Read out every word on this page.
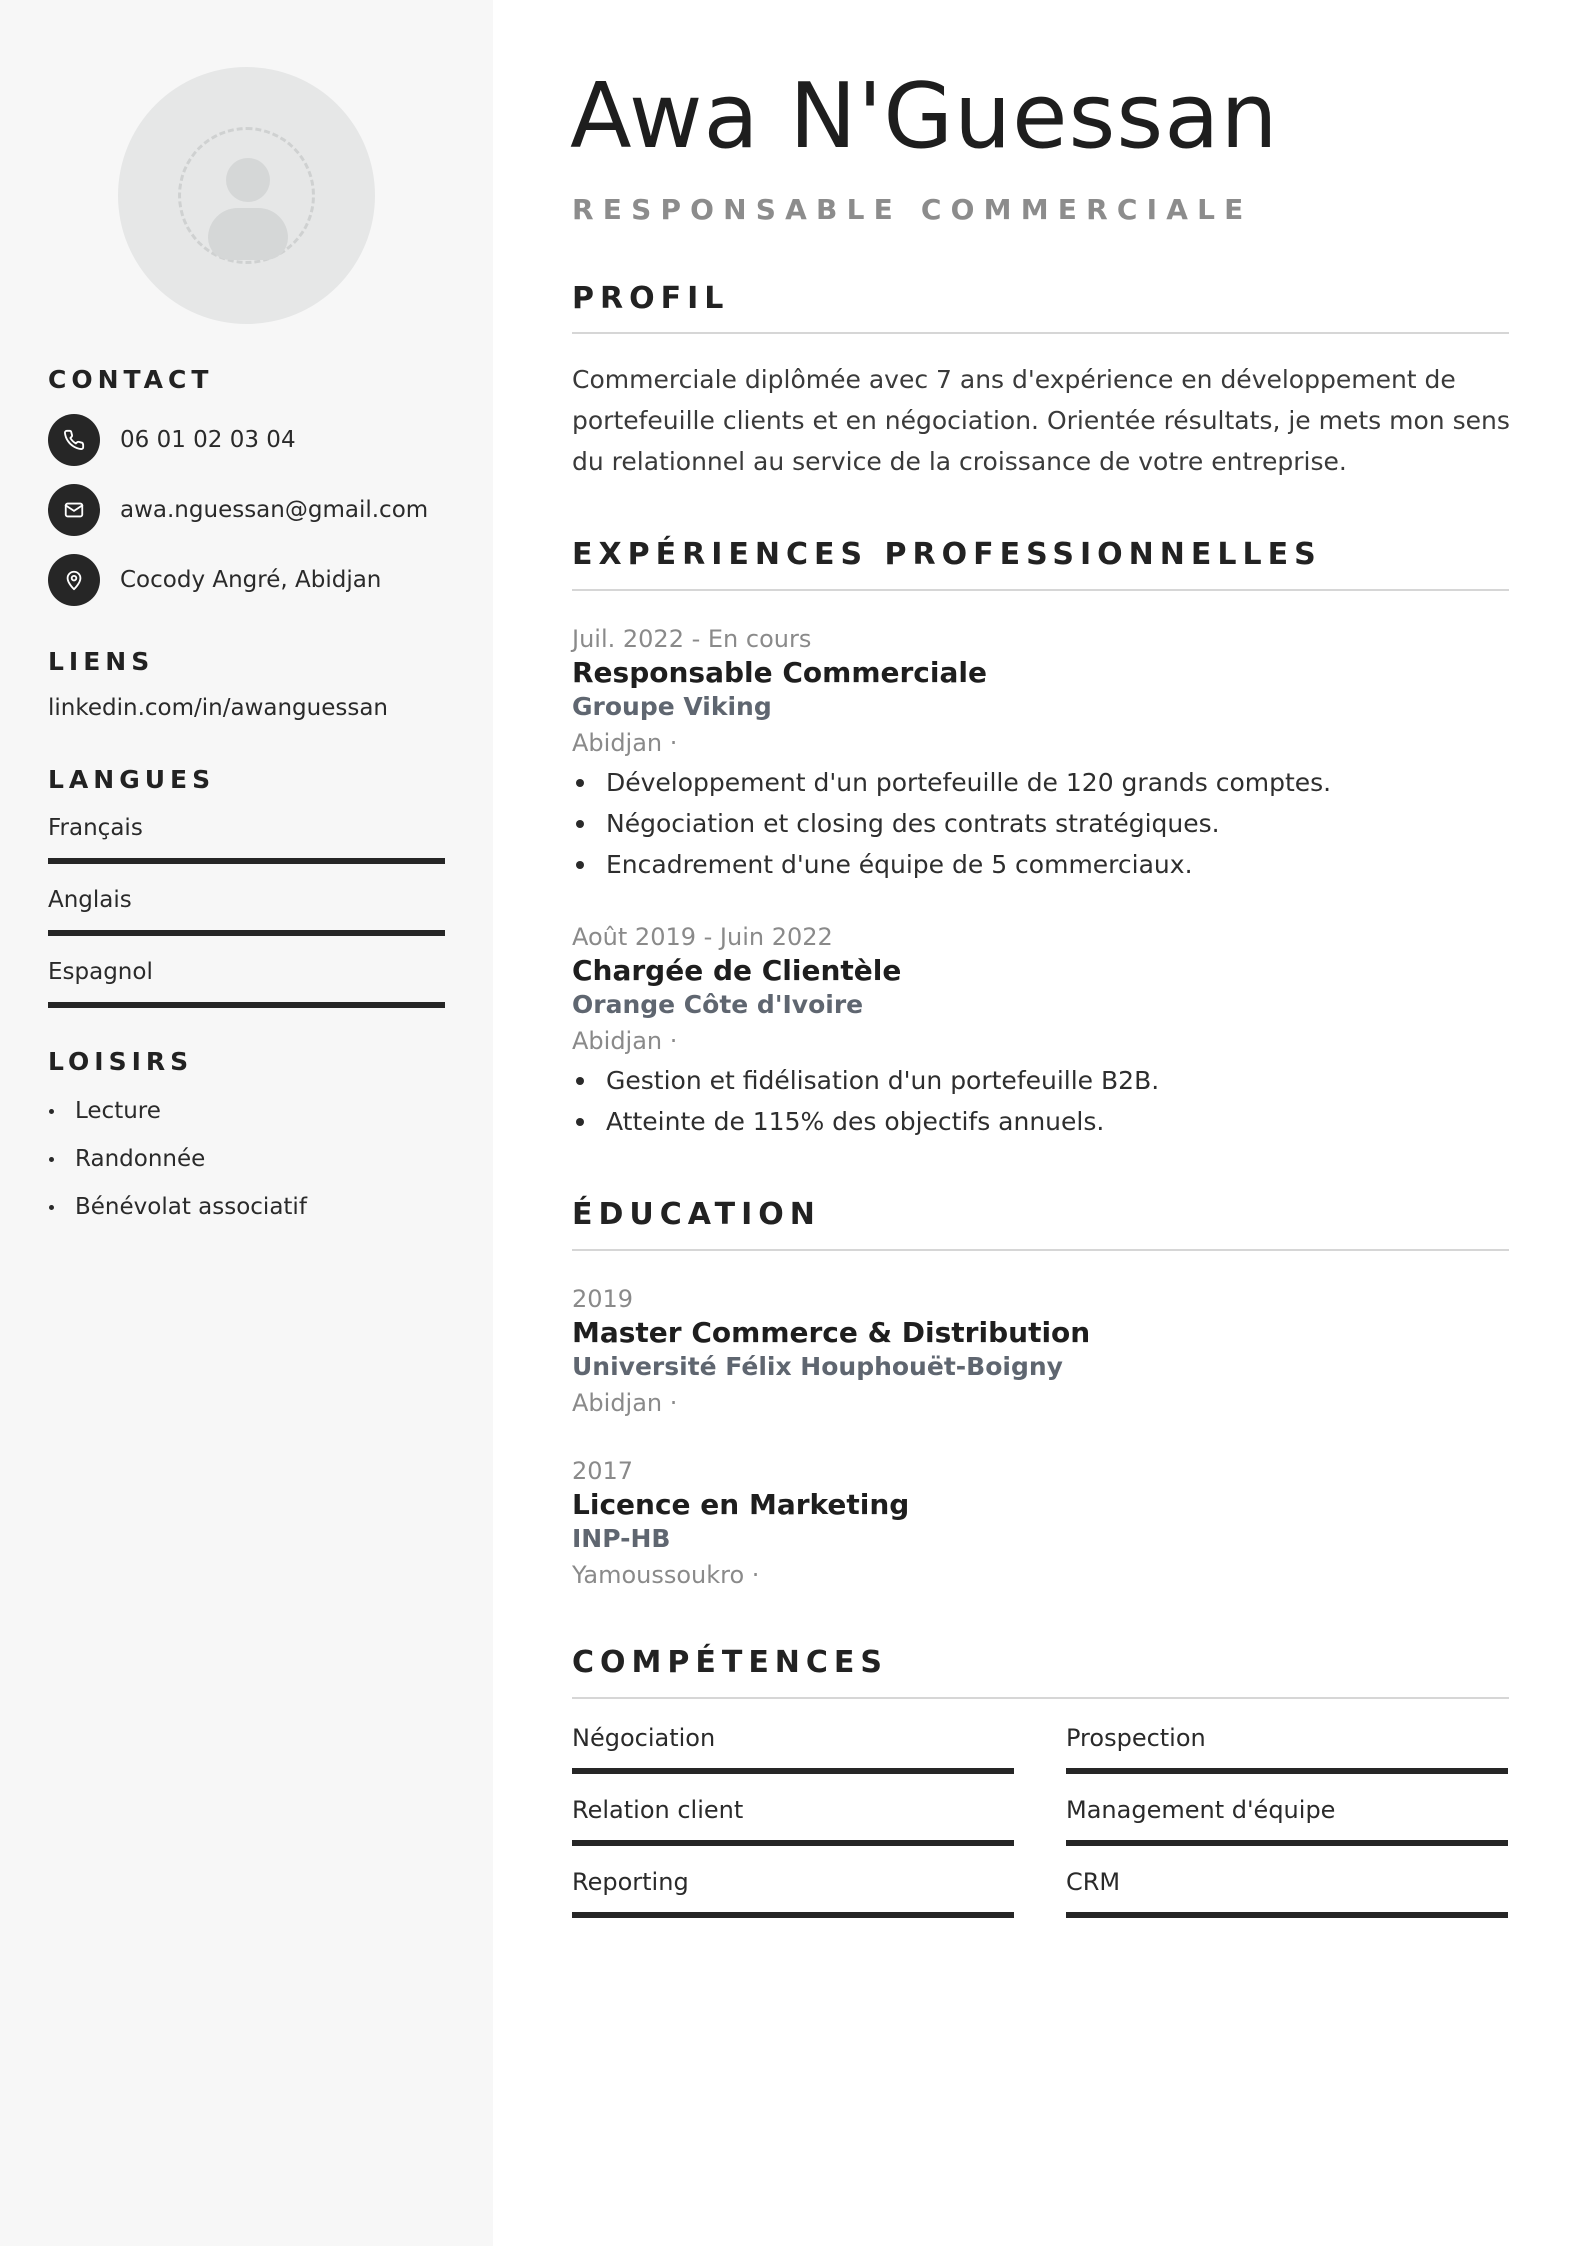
CONTACT
06 01 02 03 04
awa.nguessan@gmail.com
Cocody Angré, Abidjan
LIENS
linkedin.com/in/awanguessan
LANGUES
Français
Anglais
Espagnol
LOISIRS
Lecture
Randonnée
Bénévolat associatif
Awa N'Guessan
RESPONSABLE COMMERCIALE
PROFIL
Commerciale diplômée avec 7 ans d'expérience en développement de
portefeuille clients et en négociation. Orientée résultats, je mets mon sens
du relationnel au service de la croissance de votre entreprise.
EXPÉRIENCES PROFESSIONNELLES
Juil. 2022 - En cours
Responsable Commerciale
Groupe Viking
Abidjan ·
Développement d'un portefeuille de 120 grands comptes.
Négociation et closing des contrats stratégiques.
Encadrement d'une équipe de 5 commerciaux.
Août 2019 - Juin 2022
Chargée de Clientèle
Orange Côte d'Ivoire
Abidjan ·
Gestion et fidélisation d'un portefeuille B2B.
Atteinte de 115% des objectifs annuels.
ÉDUCATION
2019
Master Commerce & Distribution
Université Félix Houphouët-Boigny
Abidjan ·
2017
Licence en Marketing
INP-HB
Yamoussoukro ·
COMPÉTENCES
Négociation	Prospection
Relation client	Management d'équipe
Reporting	CRM
